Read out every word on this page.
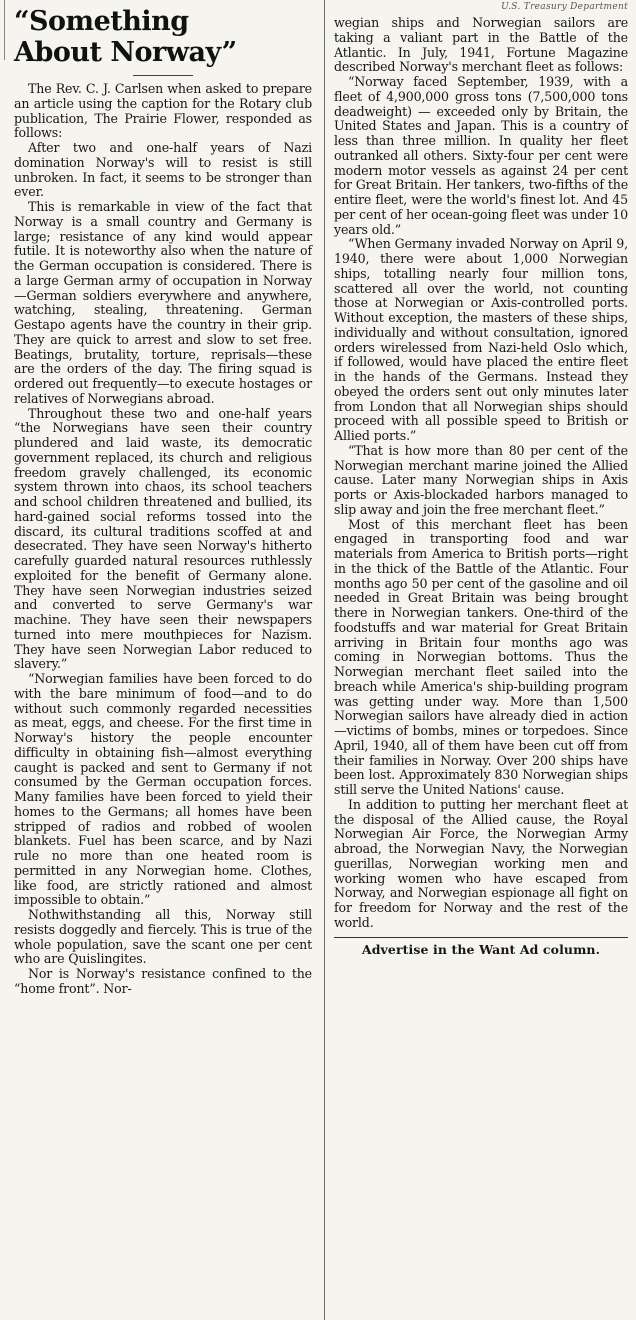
“Something
About Norway”

The Rev. C. J. Carlsen when asked to prepare an article using the caption for the Rotary club publication, The Prairie Flower, responded as follows:

After two and one-half years of Nazi domination Norway's will to resist is still unbroken. In fact, it seems to be stronger than ever.

This is remarkable in view of the fact that Norway is a small country and Germany is large; resistance of any kind would appear futile. It is noteworthy also when the nature of the German occupation is considered. There is a large German army of occupation in Norway—German soldiers everywhere and anywhere, watching, stealing, threatening. German Gestapo agents have the country in their grip. They are quick to arrest and slow to set free. Beatings, brutality, torture, reprisals—these are the orders of the day. The firing squad is ordered out frequently—to execute hostages or relatives of Norwegians abroad.

Throughout these two and one-half years “the Norwegians have seen their country plundered and laid waste, its democratic government replaced, its church and religious freedom gravely challenged, its economic system thrown into chaos, its school teachers and school children threatened and bullied, its hard-gained social reforms tossed into the discard, its cultural traditions scoffed at and desecrated. They have seen Norway's hitherto carefully guarded natural resources ruthlessly exploited for the benefit of Germany alone. They have seen Norwegian industries seized and converted to serve Germany's war machine. They have seen their newspapers turned into mere mouthpieces for Nazism. They have seen Norwegian Labor reduced to slavery.”

“Norwegian families have been forced to do with the bare minimum of food—and to do without such commonly regarded necessities as meat, eggs, and cheese. For the first time in Norway's history the people encounter difficulty in obtaining fish—almost everything caught is packed and sent to Germany if not consumed by the German occupation forces. Many families have been forced to yield their homes to the Germans; all homes have been stripped of radios and robbed of woolen blankets. Fuel has been scarce, and by Nazi rule no more than one heated room is permitted in any Norwegian home. Clothes, like food, are strictly rationed and almost impossible to obtain.”

Nothwithstanding all this, Norway still resists doggedly and fiercely. This is true of the whole population, save the scant one per cent who are Quislingites.

Nor is Norway's resistance confined to the “home front”. Nor-

U.S. Treasury Department

wegian ships and Norwegian sailors are taking a valiant part in the Battle of the Atlantic. In July, 1941, Fortune Magazine described Norway's merchant fleet as follows:

“Norway faced September, 1939, with a fleet of 4,900,000 gross tons (7,500,000 tons deadweight) — exceeded only by Britain, the United States and Japan. This is a country of less than three million. In quality her fleet outranked all others. Sixty-four per cent were modern motor vessels as against 24 per cent for Great Britain. Her tankers, two-fifths of the entire fleet, were the world's finest lot. And 45 per cent of her ocean-going fleet was under 10 years old.”

“When Germany invaded Norway on April 9, 1940, there were about 1,000 Norwegian ships, totalling nearly four million tons, scattered all over the world, not counting those at Norwegian or Axis-controlled ports. Without exception, the masters of these ships, individually and without consultation, ignored orders wirelessed from Nazi-held Oslo which, if followed, would have placed the entire fleet in the hands of the Germans. Instead they obeyed the orders sent out only minutes later from London that all Norwegian ships should proceed with all possible speed to British or Allied ports.”

“That is how more than 80 per cent of the Norwegian merchant marine joined the Allied cause. Later many Norwegian ships in Axis ports or Axis-blockaded harbors managed to slip away and join the free merchant fleet.”

Most of this merchant fleet has been engaged in transporting food and war materials from America to British ports—right in the thick of the Battle of the Atlantic. Four months ago 50 per cent of the gasoline and oil needed in Great Britain was being brought there in Norwegian tankers. One-third of the foodstuffs and war material for Great Britain arriving in Britain four months ago was coming in Norwegian bottoms. Thus the Norwegian merchant fleet sailed into the breach while America's ship-building program was getting under way. More than 1,500 Norwegian sailors have already died in action—victims of bombs, mines or torpedoes. Since April, 1940, all of them have been cut off from their families in Norway. Over 200 ships have been lost. Approximately 830 Norwegian ships still serve the United Nations' cause.

In addition to putting her merchant fleet at the disposal of the Allied cause, the Royal Norwegian Air Force, the Norwegian Army abroad, the Norwegian Navy, the Norwegian guerillas, Norwegian working men and working women who have escaped from Norway, and Norwegian espionage all fight on for freedom for Norway and the rest of the world.

Advertise in the Want Ad column.
